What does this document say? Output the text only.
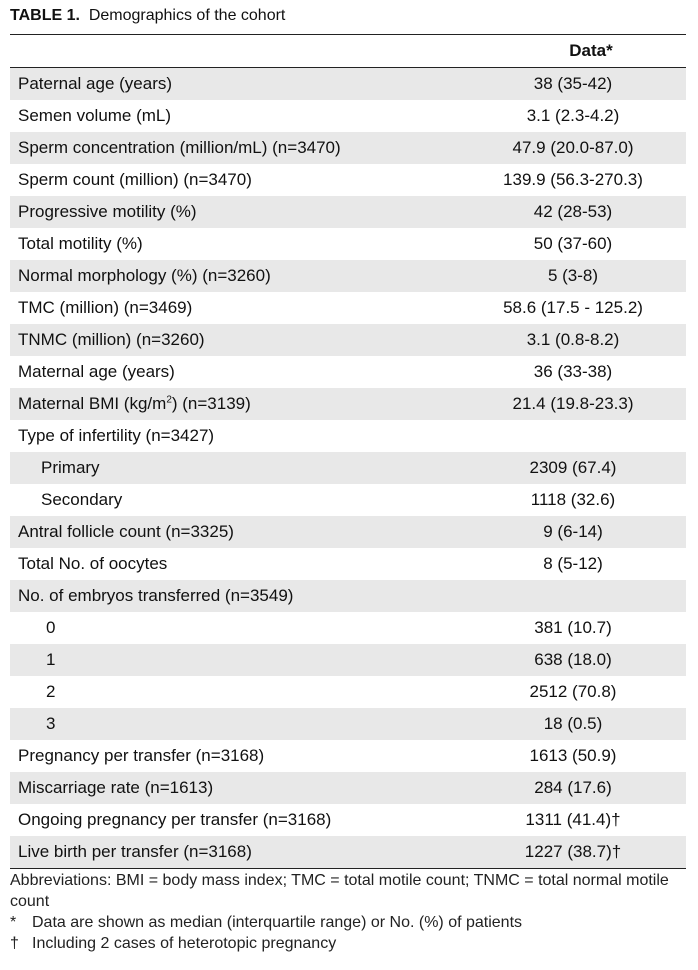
TABLE 1. Demographics of the cohort
Data*
Paternal age (years)	38 (35-42)
Semen volume (mL)	3.1 (2.3-4.2)
Sperm concentration (million/mL) (n=3470)	47.9 (20.0-87.0)
Sperm count (million) (n=3470)	139.9 (56.3-270.3)
Progressive motility (%)	42 (28-53)
Total motility (%)	50 (37-60)
Normal morphology (%) (n=3260)	5 (3-8)
TMC (million) (n=3469)	58.6 (17.5 - 125.2)
TNMC (million) (n=3260)	3.1 (0.8-8.2)
Maternal age (years)	36 (33-38)
Maternal BMI $(kg/m^2)$ (n=3139)	21.4 (19.8-23.3)
Type of infertility (n=3427)
Primary	2309 (67.4)
Secondary	1118 (32.6)
Antral follicle count (n=3325)	9 (6-14)
Total No. of oocytes	8 (5-12)
No. of embryos transferred (n=3549)
0	381 (10.7)
1	638 (18.0)
2	2512 (70.8)
3	18 (0.5)
Pregnancy per transfer (n=3168)	1613 (50.9)
Miscarriage rate (n=1613)	284 (17.6)
Ongoing pregnancy per transfer (n=3168)	1311 (41.4)†
Live birth per transfer (n=3168)	1227 (38.7)†

Abbreviations: BMI = body mass index; TMC = total motile count; TNMC = total normal motile count

* Data are shown as median (interquartile range) or No. (%) of patients
† Including 2 cases of heterotopic pregnancy
